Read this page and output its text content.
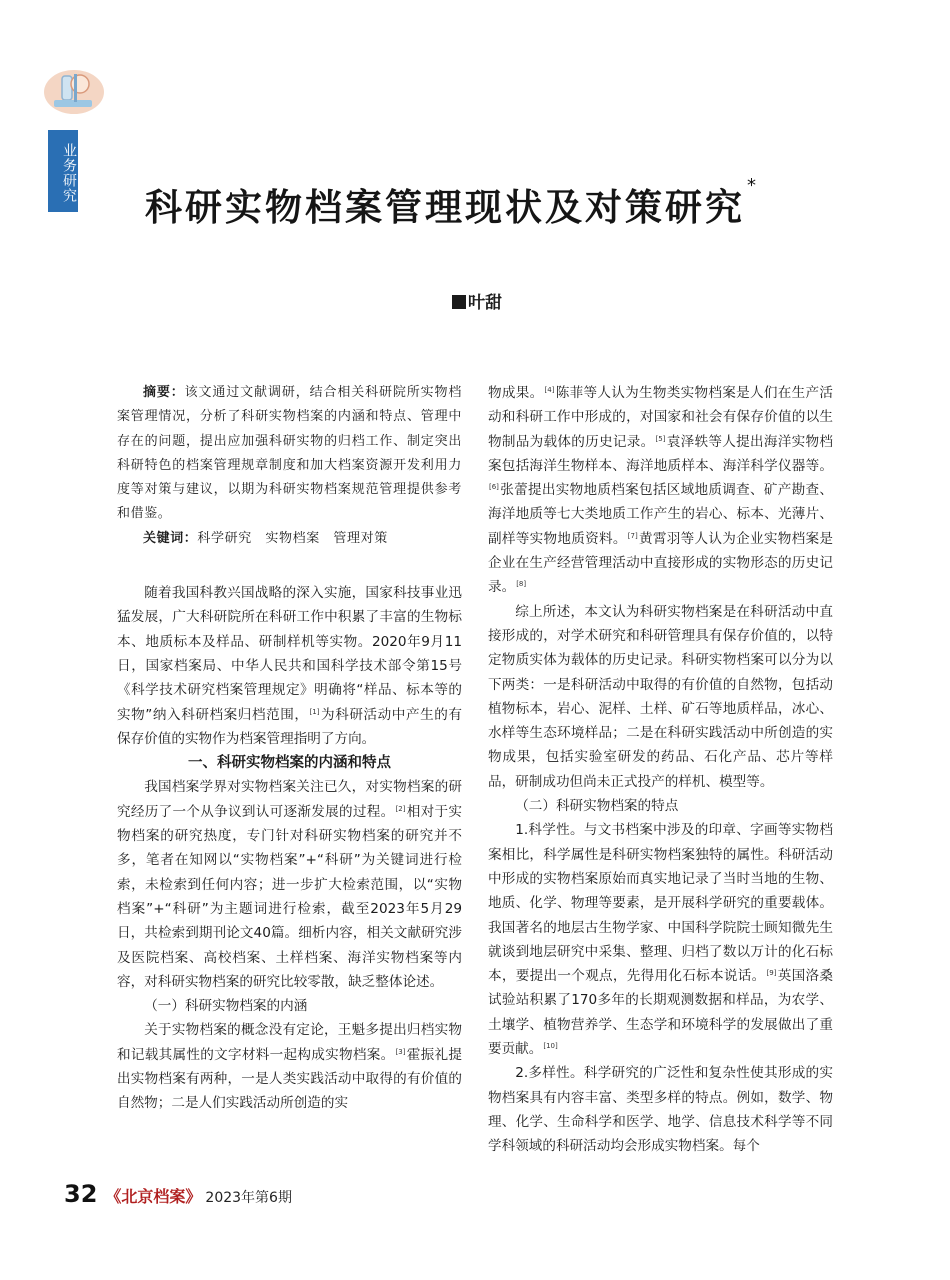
业务研究
科研实物档案管理现状及对策研究*
叶甜

摘要：该文通过文献调研，结合相关科研院所实物档案管理情况，分析了科研实物档案的内涵和特点、管理中存在的问题，提出应加强科研实物的归档工作、制定突出科研特色的档案管理规章制度和加大档案资源开发利用力度等对策与建议，以期为科研实物档案规范管理提供参考和借鉴。

关键词：科学研究　实物档案　管理对策

随着我国科教兴国战略的深入实施，国家科技事业迅猛发展，广大科研院所在科研工作中积累了丰富的生物标本、地质标本及样品、研制样机等实物。2020年9月11日，国家档案局、中华人民共和国科学技术部令第15号《科学技术研究档案管理规定》明确将“样品、标本等的实物”纳入科研档案归档范围，[1]为科研活动中产生的有保存价值的实物作为档案管理指明了方向。

一、科研实物档案的内涵和特点

我国档案学界对实物档案关注已久，对实物档案的研究经历了一个从争议到认可逐渐发展的过程。[2]相对于实物档案的研究热度，专门针对科研实物档案的研究并不多，笔者在知网以“实物档案”+“科研”为关键词进行检索，未检索到任何内容；进一步扩大检索范围，以“实物档案”+“科研”为主题词进行检索，截至2023年5月29日，共检索到期刊论文40篇。细析内容，相关文献研究涉及医院档案、高校档案、土样档案、海洋实物档案等内容，对科研实物档案的研究比较零散，缺乏整体论述。

（一）科研实物档案的内涵

关于实物档案的概念没有定论，王魁多提出归档实物和记载其属性的文字材料一起构成实物档案。[3]霍振礼提出实物档案有两种，一是人类实践活动中取得的有价值的自然物；二是人们实践活动所创造的实

物成果。[4]陈菲等人认为生物类实物档案是人们在生产活动和科研工作中形成的，对国家和社会有保存价值的以生物制品为载体的历史记录。[5]袁泽轶等人提出海洋实物档案包括海洋生物样本、海洋地质样本、海洋科学仪器等。[6]张蕾提出实物地质档案包括区域地质调查、矿产勘查、海洋地质等七大类地质工作产生的岩心、标本、光薄片、副样等实物地质资料。[7]黄霄羽等人认为企业实物档案是企业在生产经营管理活动中直接形成的实物形态的历史记录。[8]

综上所述，本文认为科研实物档案是在科研活动中直接形成的，对学术研究和科研管理具有保存价值的，以特定物质实体为载体的历史记录。科研实物档案可以分为以下两类：一是科研活动中取得的有价值的自然物，包括动植物标本，岩心、泥样、土样、矿石等地质样品，冰心、水样等生态环境样品；二是在科研实践活动中所创造的实物成果，包括实验室研发的药品、石化产品、芯片等样品，研制成功但尚未正式投产的样机、模型等。

（二）科研实物档案的特点

1.科学性。与文书档案中涉及的印章、字画等实物档案相比，科学属性是科研实物档案独特的属性。科研活动中形成的实物档案原始而真实地记录了当时当地的生物、地质、化学、物理等要素，是开展科学研究的重要载体。我国著名的地层古生物学家、中国科学院院士顾知微先生就谈到地层研究中采集、整理、归档了数以万计的化石标本，要提出一个观点，先得用化石标本说话。[9]英国洛桑试验站积累了170多年的长期观测数据和样品，为农学、土壤学、植物营养学、生态学和环境科学的发展做出了重要贡献。[10]

2.多样性。科学研究的广泛性和复杂性使其形成的实物档案具有内容丰富、类型多样的特点。例如，数学、物理、化学、生命科学和医学、地学、信息技术科学等不同学科领域的科研活动均会形成实物档案。每个

32 《北京档案》 2023年第6期
